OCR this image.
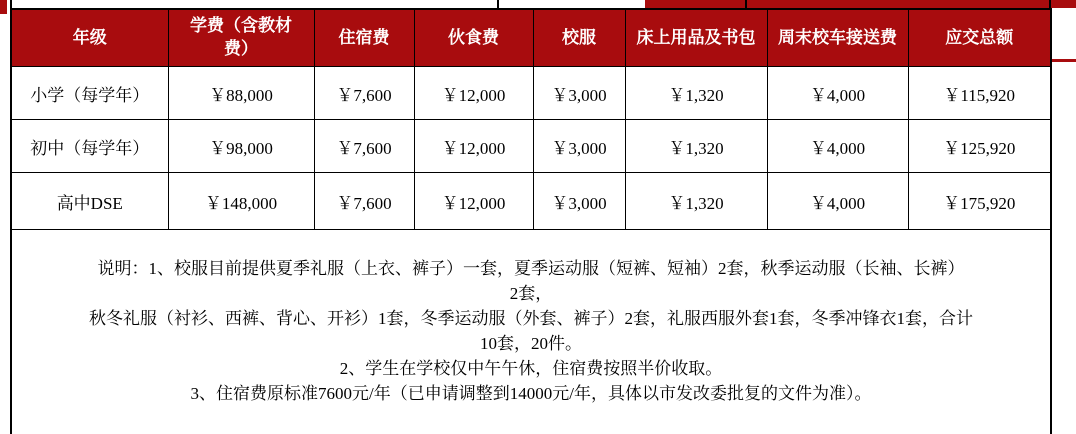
年级	学费（含教材费）	住宿费	伙食费	校服	床上用品及书包	周末校车接送费	应交总额
小学（每学年）	￥88,000	￥7,600	￥12,000	￥3,000	￥1,320	￥4,000	￥115,920
初中（每学年）	￥98,000	￥7,600	￥12,000	￥3,000	￥1,320	￥4,000	￥125,920
高中DSE	￥148,000	￥7,600	￥12,000	￥3,000	￥1,320	￥4,000	￥175,920

说明：1、校服目前提供夏季礼服（上衣、裤子）一套，夏季运动服（短裤、短袖）2套，秋季运动服（长袖、长裤）
2套，
秋冬礼服（衬衫、西裤、背心、开衫）1套，冬季运动服（外套、裤子）2套，礼服西服外套1套，冬季冲锋衣1套，合计
10套，20件。
2、学生在学校仅中午午休，住宿费按照半价收取。
3、住宿费原标准7600元/年（已申请调整到14000元/年，具体以市发改委批复的文件为准）。
